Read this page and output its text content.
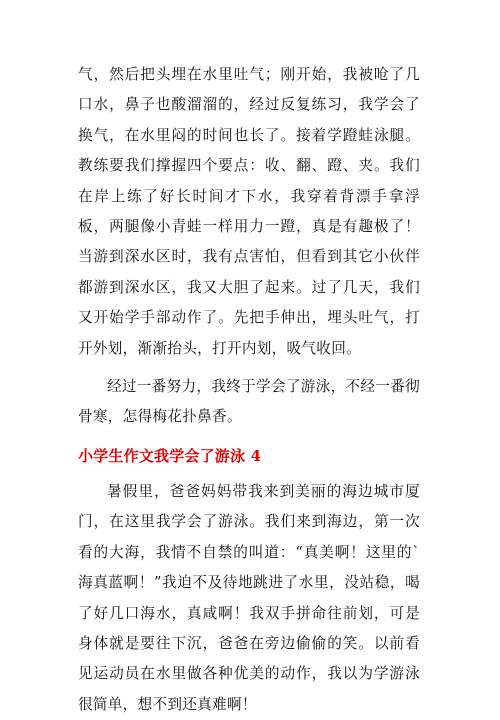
气，然后把头埋在水里吐气；刚开始，我被呛了几口水，鼻子也酸溜溜的，经过反复练习，我学会了换气，在水里闷的时间也长了。接着学蹬蛙泳腿。教练要我们撑握四个要点：收、翻、蹬、夹。我们在岸上练了好长时间才下水，我穿着背漂手拿浮板，两腿像小青蛙一样用力一蹬，真是有趣极了！当游到深水区时，我有点害怕，但看到其它小伙伴都游到深水区，我又大胆了起来。过了几天，我们又开始学手部动作了。先把手伸出，埋头吐气，打开外划，渐渐抬头，打开内划，吸气收回。

经过一番努力，我终于学会了游泳，不经一番彻骨寒，怎得梅花扑鼻香。

小学生作文我学会了游泳 4

暑假里，爸爸妈妈带我来到美丽的海边城市厦门，在这里我学会了游泳。我们来到海边，第一次看的大海，我情不自禁的叫道：“真美啊！这里的`海真蓝啊！”我迫不及待地跳进了水里，没站稳，喝了好几口海水，真咸啊！我双手拼命往前划，可是身体就是要往下沉，爸爸在旁边偷偷的笑。以前看见运动员在水里做各种优美的动作，我以为学游泳很简单，想不到还真难啊！
